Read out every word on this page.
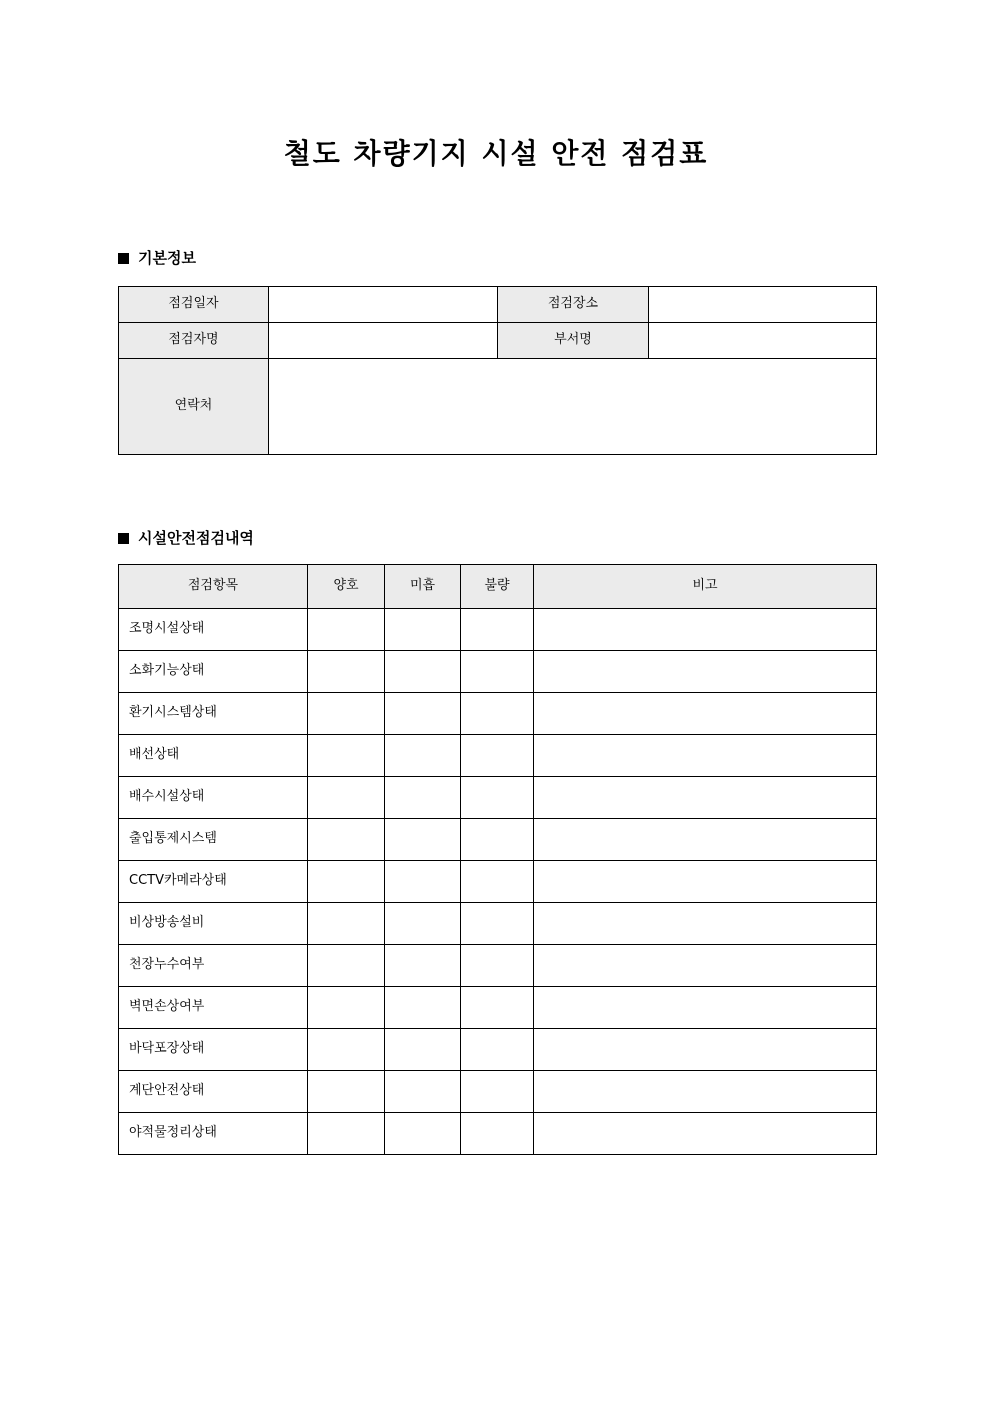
철도 차량기지 시설 안전 점검표
기본정보
점검일자		점검장소	
점검자명		부서명	
연락처			
시설안전점검내역
점검항목	양호	미흡	불량	비고
조명시설상태				
소화기능상태				
환기시스템상태				
배선상태				
배수시설상태				
출입통제시스템				
CCTV카메라상태				
비상방송설비				
천장누수여부				
벽면손상여부				
바닥포장상태				
계단안전상태				
야적물정리상태				
